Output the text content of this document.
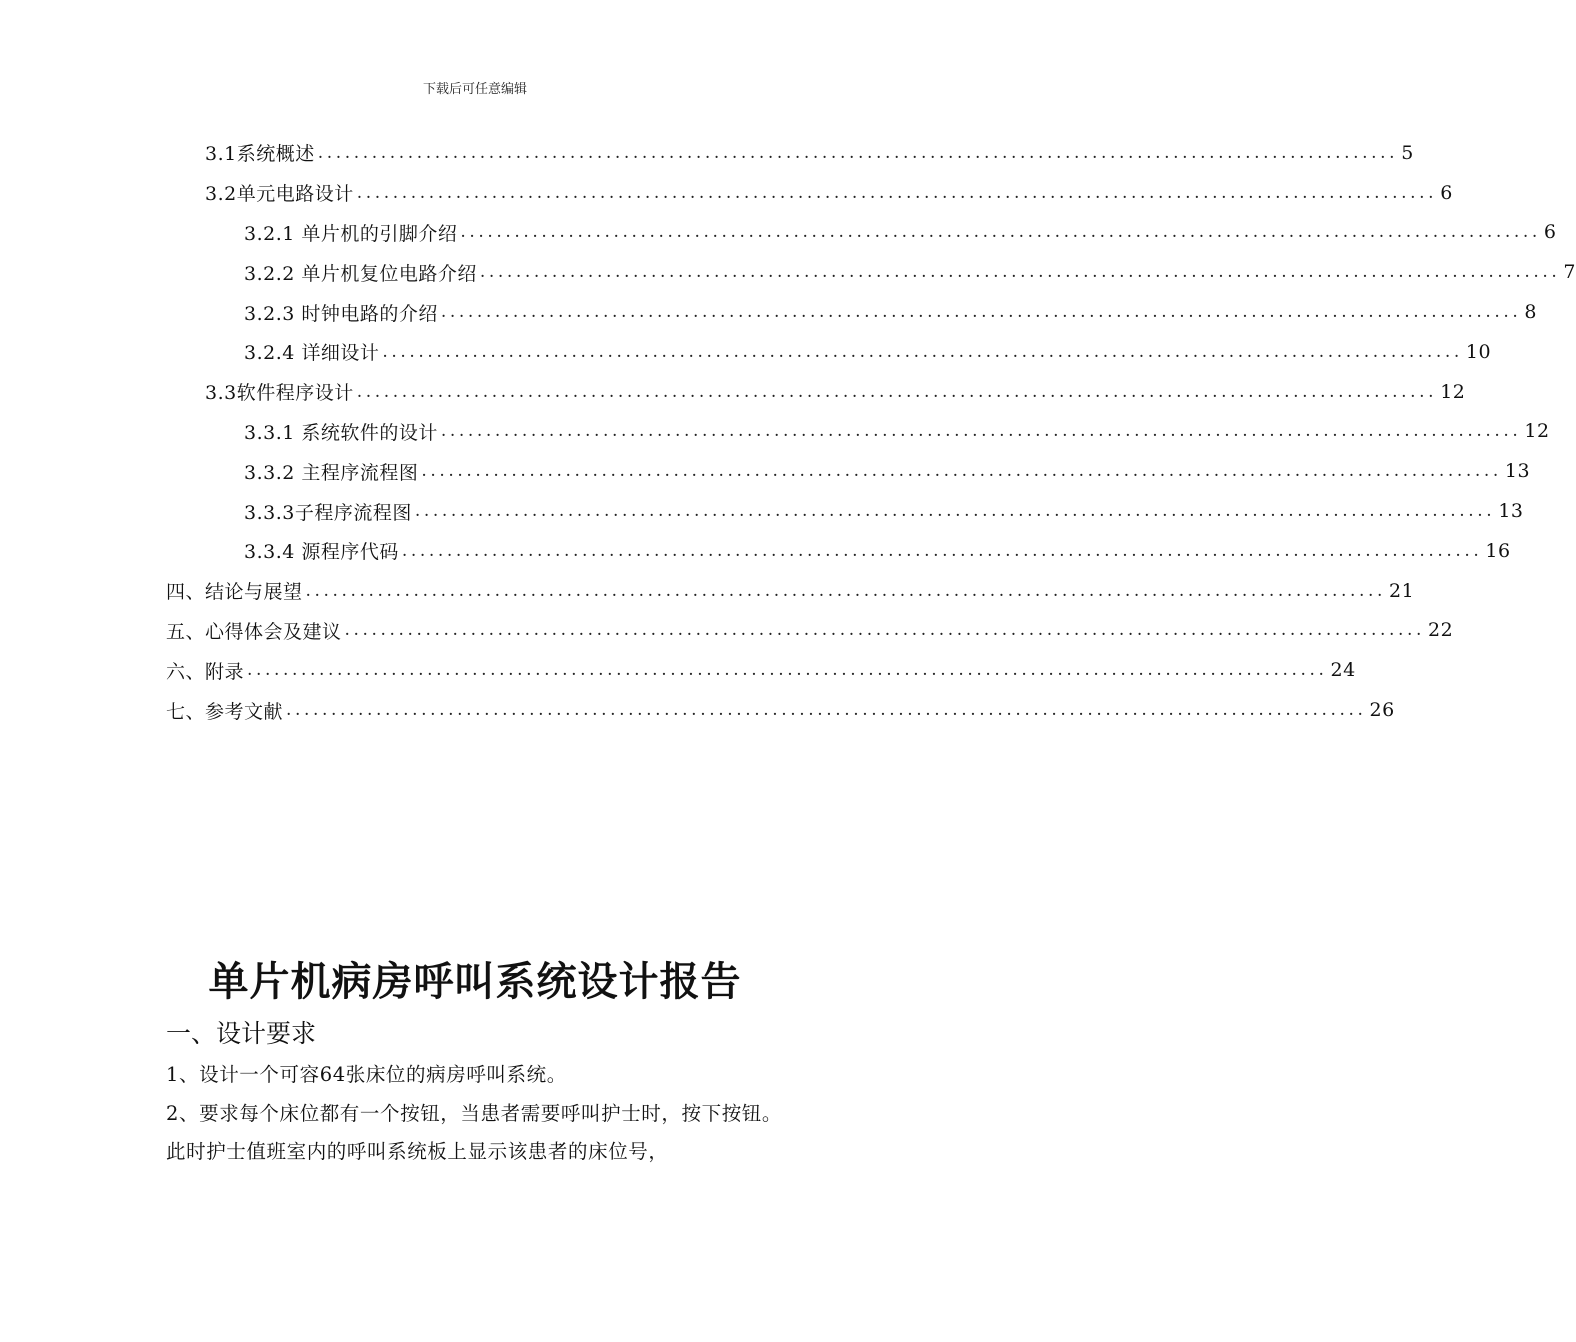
下载后可任意编辑
3.1系统概述 ........................................................................................................................ 5
3.2单元电路设计 ........................................................................................................................ 6
3.2.1 单片机的引脚介绍 ........................................................................................................................ 6
3.2.2 单片机复位电路介绍 ........................................................................................................................ 7
3.2.3 时钟电路的介绍 ........................................................................................................................ 8
3.2.4 详细设计 ........................................................................................................................ 10
3.3软件程序设计 ........................................................................................................................ 12
3.3.1 系统软件的设计 ........................................................................................................................ 12
3.3.2 主程序流程图 ........................................................................................................................ 13
3.3.3子程序流程图 ........................................................................................................................ 13
3.3.4 源程序代码 ........................................................................................................................ 16
四、结论与展望 ........................................................................................................................ 21
五、心得体会及建议 ........................................................................................................................ 22
六、附录 ........................................................................................................................ 24
七、参考文献 ........................................................................................................................ 26
单片机病房呼叫系统设计报告
一、设计要求
1、设计一个可容64张床位的病房呼叫系统。
2、要求每个床位都有一个按钮，当患者需要呼叫护士时，按下按钮。此时护士值班室内的呼叫系统板上显示该患者的床位号，
